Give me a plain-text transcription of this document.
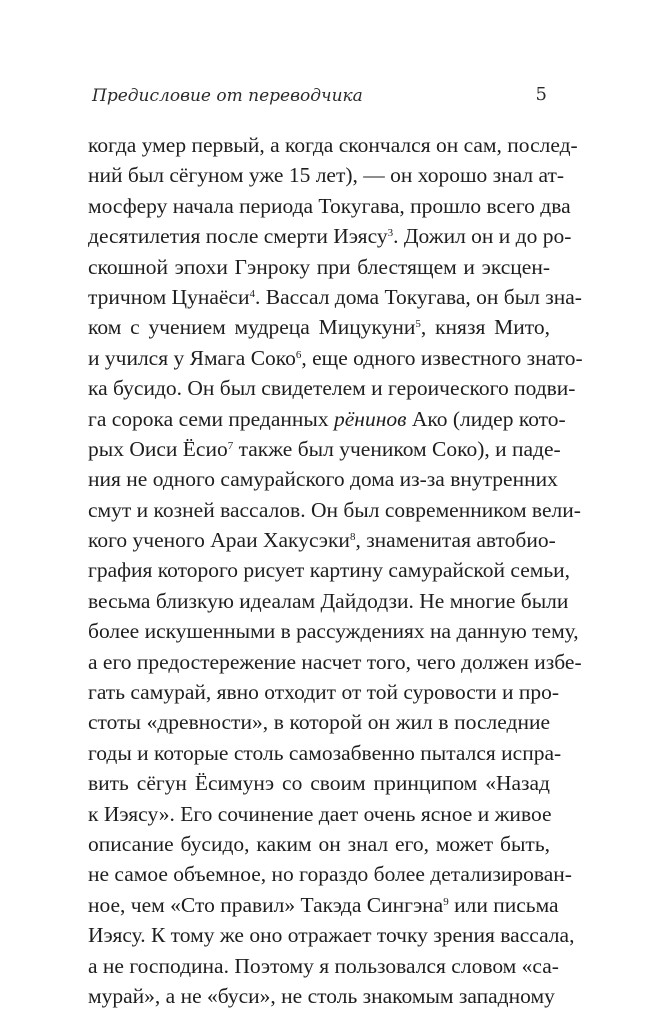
Предисловие от переводчика	5
когда умер первый, а когда скончался он сам, послед-
ний был сёгуном уже 15 лет), — он хорошо знал ат-
мосферу начала периода Токугава, прошло всего два
десятилетия после смерти Иэясу$^3$. Дожил он и до ро-
скошной эпохи Гэнроку при блестящем и эксцен-
тричном Цунаёси$^4$. Вассал дома Токугава, он был зна-
ком с учением мудреца Мицукуни$^5$, князя Мито,
и учился у Ямага Соко$^6$, еще одного известного знато-
ка бусидо. Он был свидетелем и героического подви-
га сорока семи преданных рёнинов Ако (лидер кото-
рых Оиси Ёсио$^7$ также был учеником Соко), и паде-
ния не одного самурайского дома из-за внутренних
смут и козней вассалов. Он был современником вели-
кого ученого Араи Хакусэки$^8$, знаменитая автобио-
графия которого рисует картину самурайской семьи,
весьма близкую идеалам Дайдодзи. Не многие были
более искушенными в рассуждениях на данную тему,
а его предостережение насчет того, чего должен избе-
гать самурай, явно отходит от той суровости и про-
стоты «древности», в которой он жил в последние
годы и которые столь самозабвенно пытался испра-
вить сёгун Ёсимунэ со своим принципом «Назад
к Иэясу». Его сочинение дает очень ясное и живое
описание бусидо, каким он знал его, может быть,
не самое объемное, но гораздо более детализирован-
ное, чем «Сто правил» Такэда Сингэна$^9$ или письма
Иэясу. К тому же оно отражает точку зрения вассала,
а не господина. Поэтому я пользовался словом «са-
мурай», а не «буси», не столь знакомым западному
